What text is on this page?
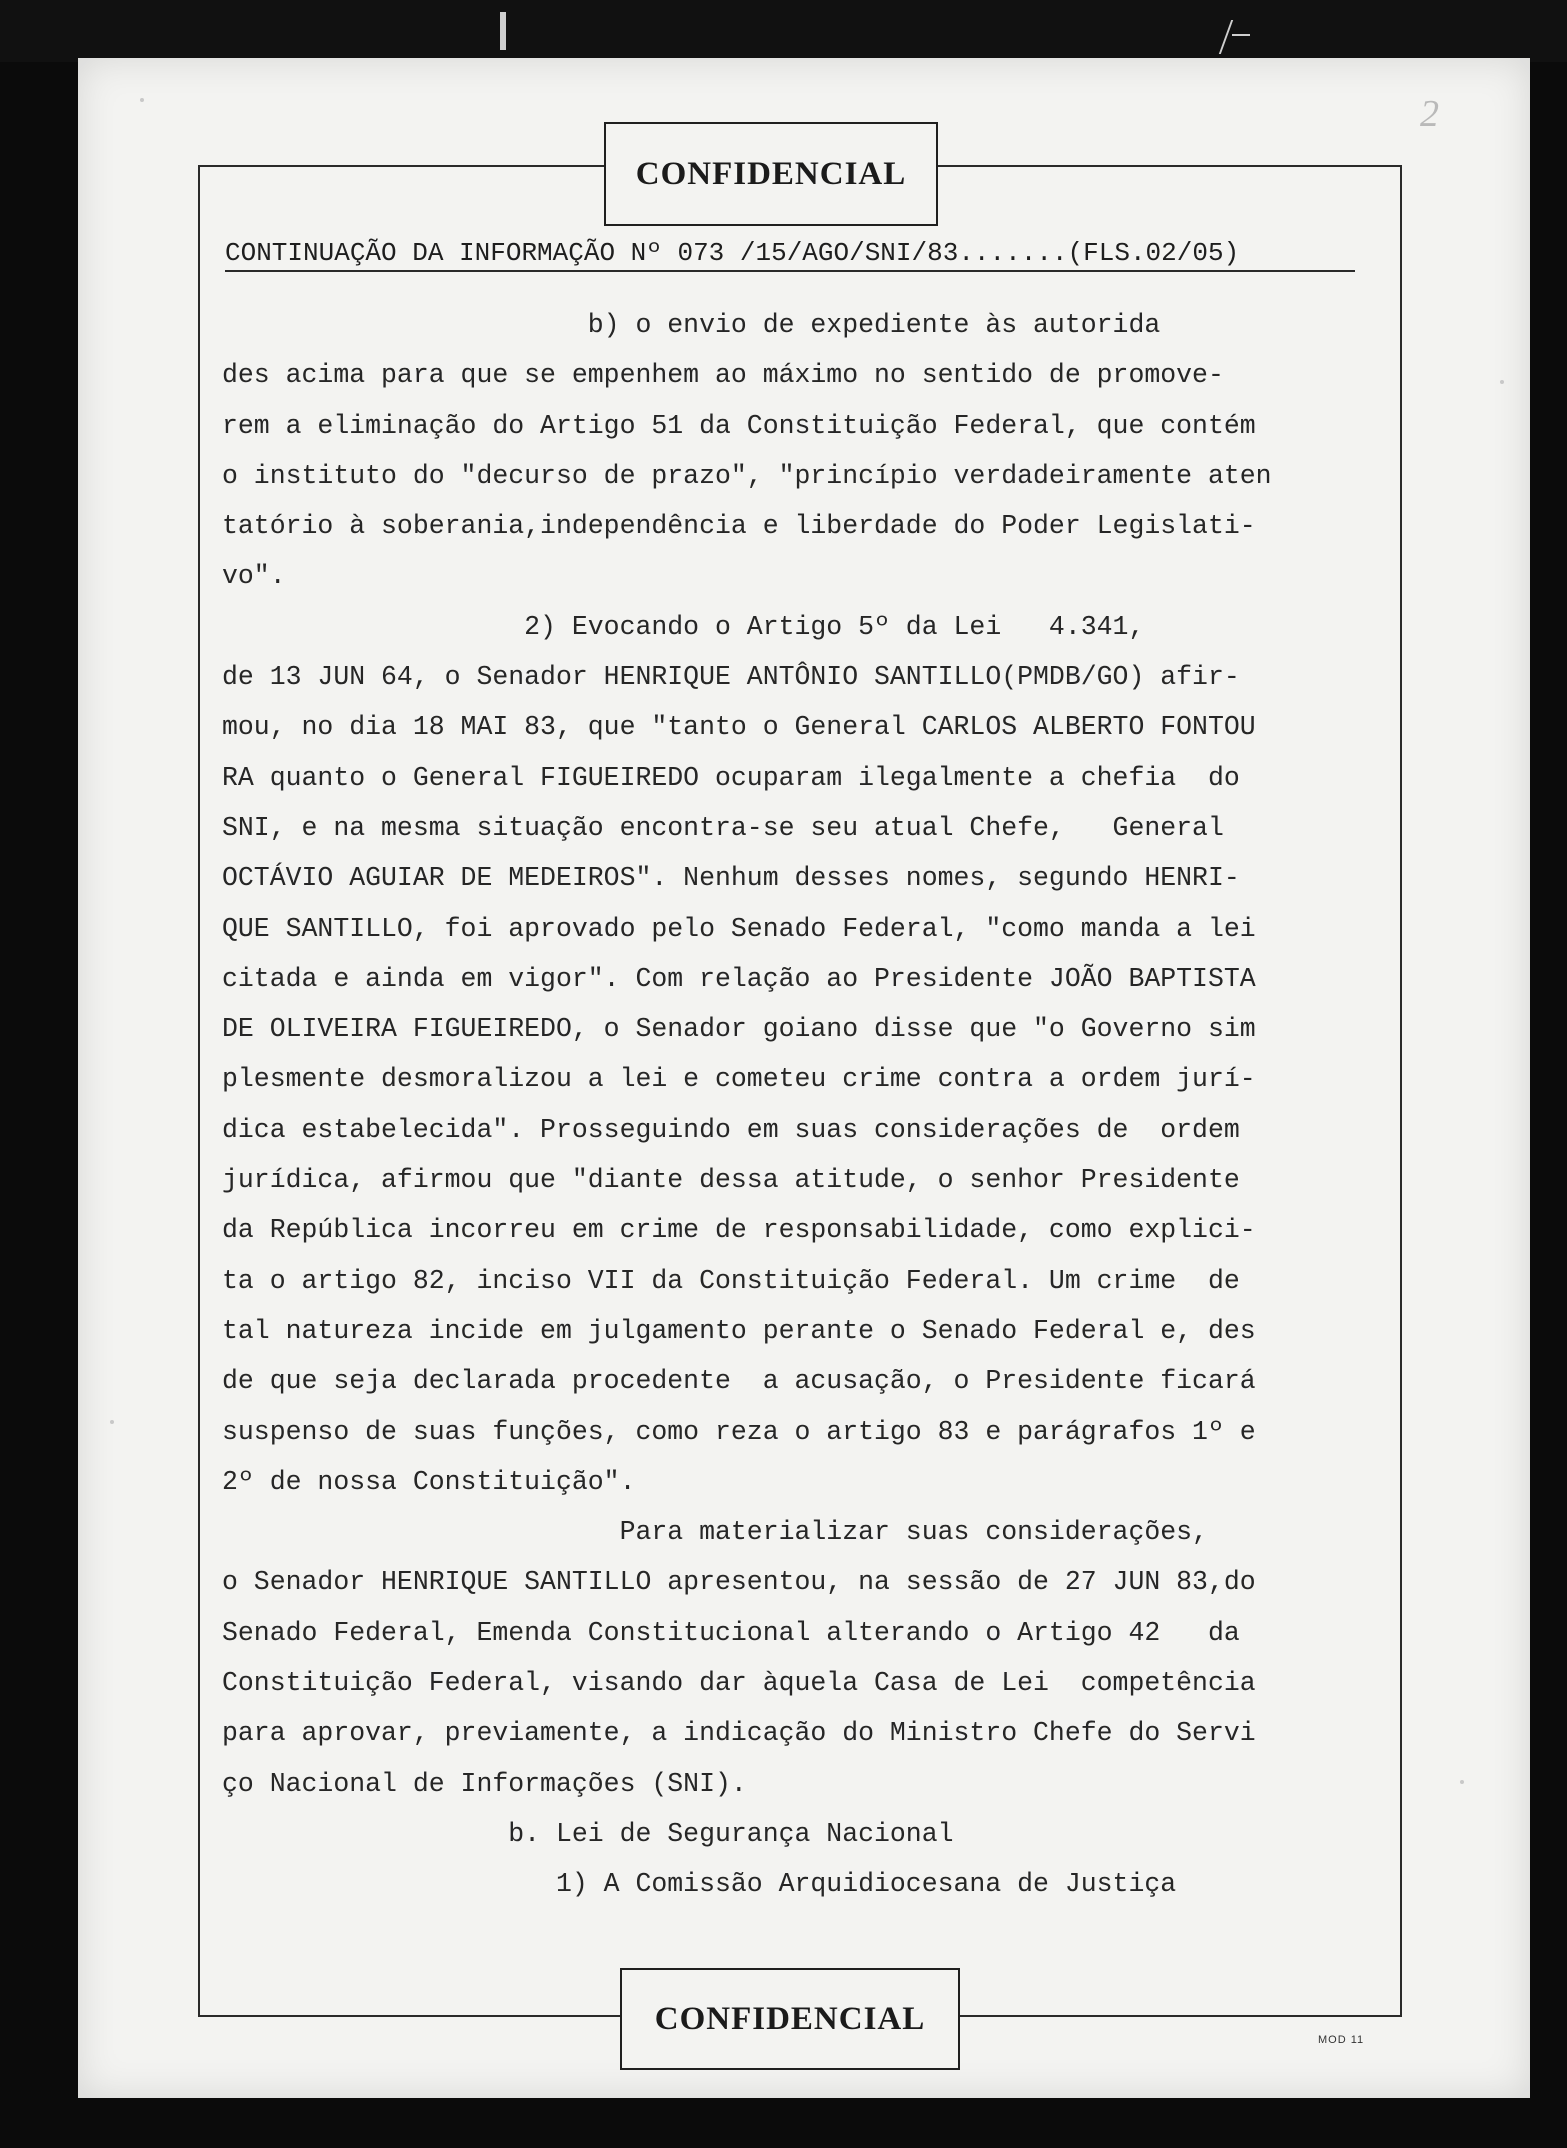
2
CONFIDENCIAL
CONTINUAÇÃO DA INFORMAÇÃO Nº 073 /15/AGO/SNI/83.......(FLS.02/05)
b) o envio de expediente às autorida
des acima para que se empenhem ao máximo no sentido de promove-
rem a eliminação do Artigo 51 da Constituição Federal, que contém
o instituto do "decurso de prazo", "princípio verdadeiramente aten
tatório à soberania,independência e liberdade do Poder Legislati-
vo".
2) Evocando o Artigo 5º da Lei   4.341,
de 13 JUN 64, o Senador HENRIQUE ANTÔNIO SANTILLO(PMDB/GO) afir-
mou, no dia 18 MAI 83, que "tanto o General CARLOS ALBERTO FONTOU
RA quanto o General FIGUEIREDO ocuparam ilegalmente a chefia  do
SNI, e na mesma situação encontra-se seu atual Chefe,   General
OCTÁVIO AGUIAR DE MEDEIROS". Nenhum desses nomes, segundo HENRI-
QUE SANTILLO, foi aprovado pelo Senado Federal, "como manda a lei
citada e ainda em vigor". Com relação ao Presidente JOÃO BAPTISTA
DE OLIVEIRA FIGUEIREDO, o Senador goiano disse que "o Governo sim
plesmente desmoralizou a lei e cometeu crime contra a ordem jurí-
dica estabelecida". Prosseguindo em suas considerações de  ordem
jurídica, afirmou que "diante dessa atitude, o senhor Presidente
da República incorreu em crime de responsabilidade, como explici-
ta o artigo 82, inciso VII da Constituição Federal. Um crime  de
tal natureza incide em julgamento perante o Senado Federal e, des
de que seja declarada procedente  a acusação, o Presidente ficará
suspenso de suas funções, como reza o artigo 83 e parágrafos 1º e
2º de nossa Constituição".
Para materializar suas considerações,
o Senador HENRIQUE SANTILLO apresentou, na sessão de 27 JUN 83,do
Senado Federal, Emenda Constitucional alterando o Artigo 42   da
Constituição Federal, visando dar àquela Casa de Lei  competência
para aprovar, previamente, a indicação do Ministro Chefe do Servi
ço Nacional de Informações (SNI).
b. Lei de Segurança Nacional
1) A Comissão Arquidiocesana de Justiça
CONFIDENCIAL
MOD 11
